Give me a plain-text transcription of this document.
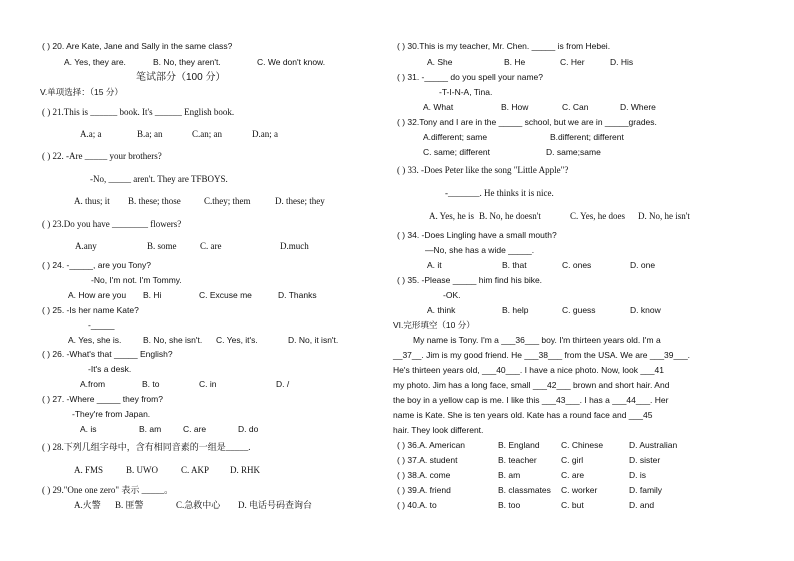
( ) 20. Are Kate, Jane and Sally in the same class?
A. Yes, they are.	B. No, they aren't.	C. We don't know.
笔试部分（100 分）
V.单项选择：（15 分）
( ) 21.This is ______ book. It's ______ English book.
A.a; a	B.a; an	C.an; an	D.an; a
( ) 22. -Are _____ your brothers?
-No, _____ aren't. They are TFBOYS.
A. thus; it B. these; those	C.they; them	D. these; they
( ) 23.Do you have ________ flowers?
A.any	B. some	C. are	D.much
( ) 24. -_____, are you Tony?
-No, I'm not. I'm Tommy.
A. How are you B. Hi	C. Excuse me	D. Thanks
( ) 25. -Is her name Kate?
-_____
A. Yes, she is.	B. No, she isn't. C. Yes, it's.	D. No, it isn't.
( ) 26. -What's that _____ English?
-It's a desk.
A.from	B. to	C. in	D. /
( ) 27. -Where _____ they from?
-They're from Japan.
A. is	B. am	C. are	D. do
( ) 28.下列几组字母中，含有相同音素的一组是_____.
A. FMS	B. UWO	C. AKP D. RHK
( ) 29."One one zero" 表示 _____。
A.火警 B. 匪警	C.急救中心 D. 电话号码查询台
( ) 30.This is my teacher, Mr. Chen. _____ is from Hebei.
A. She	B. He	C. Her	D. His
( ) 31. -_____ do you spell your name?
-T-I-N-A, Tina.
A. What	B. How	C. Can	D. Where
( ) 32.Tony and I are in the _____ school, but we are in _____grades.
A.different; same	B.different; different
C. same; different	D. same;same
( ) 33. -Does Peter like the song "Little Apple"?
-_______. He thinks it is nice.
A. Yes, he is B. No, he doesn't	C. Yes, he does D. No, he isn't
( ) 34. -Does Lingling have a small mouth?
—No, she has a wide _____.
A. it	B. that	C. ones	D. one
( ) 35. -Please _____ him find his bike.
-OK.
A. think	B. help	C. guess	D. know
VI.完形填空（10 分）
My name is Tony. I'm a ___36___ boy. I'm thirteen years old. I'm a
__37__. Jim is my good friend. He ___38___ from the USA. We are ___39___.
He's thirteen years old, ___40___. I have a nice photo. Now, look ___41
my photo. Jim has a long face, small ___42___ brown and short hair. And
the boy in a yellow cap is me. I like this ___43___. I has a ___44___. Her
name is Kate. She is ten years old. Kate has a round face and ___45
hair. They look different.
( ) 36.A. American	B. England	C. Chinese	D. Australian
( ) 37.A. student	B. teacher	C. girl	D. sister
( ) 38.A. come	B. am	C. are	D. is
( ) 39.A. friend	B. classmates C. worker	D. family
( ) 40.A. to	B. too	C. but	D. and
